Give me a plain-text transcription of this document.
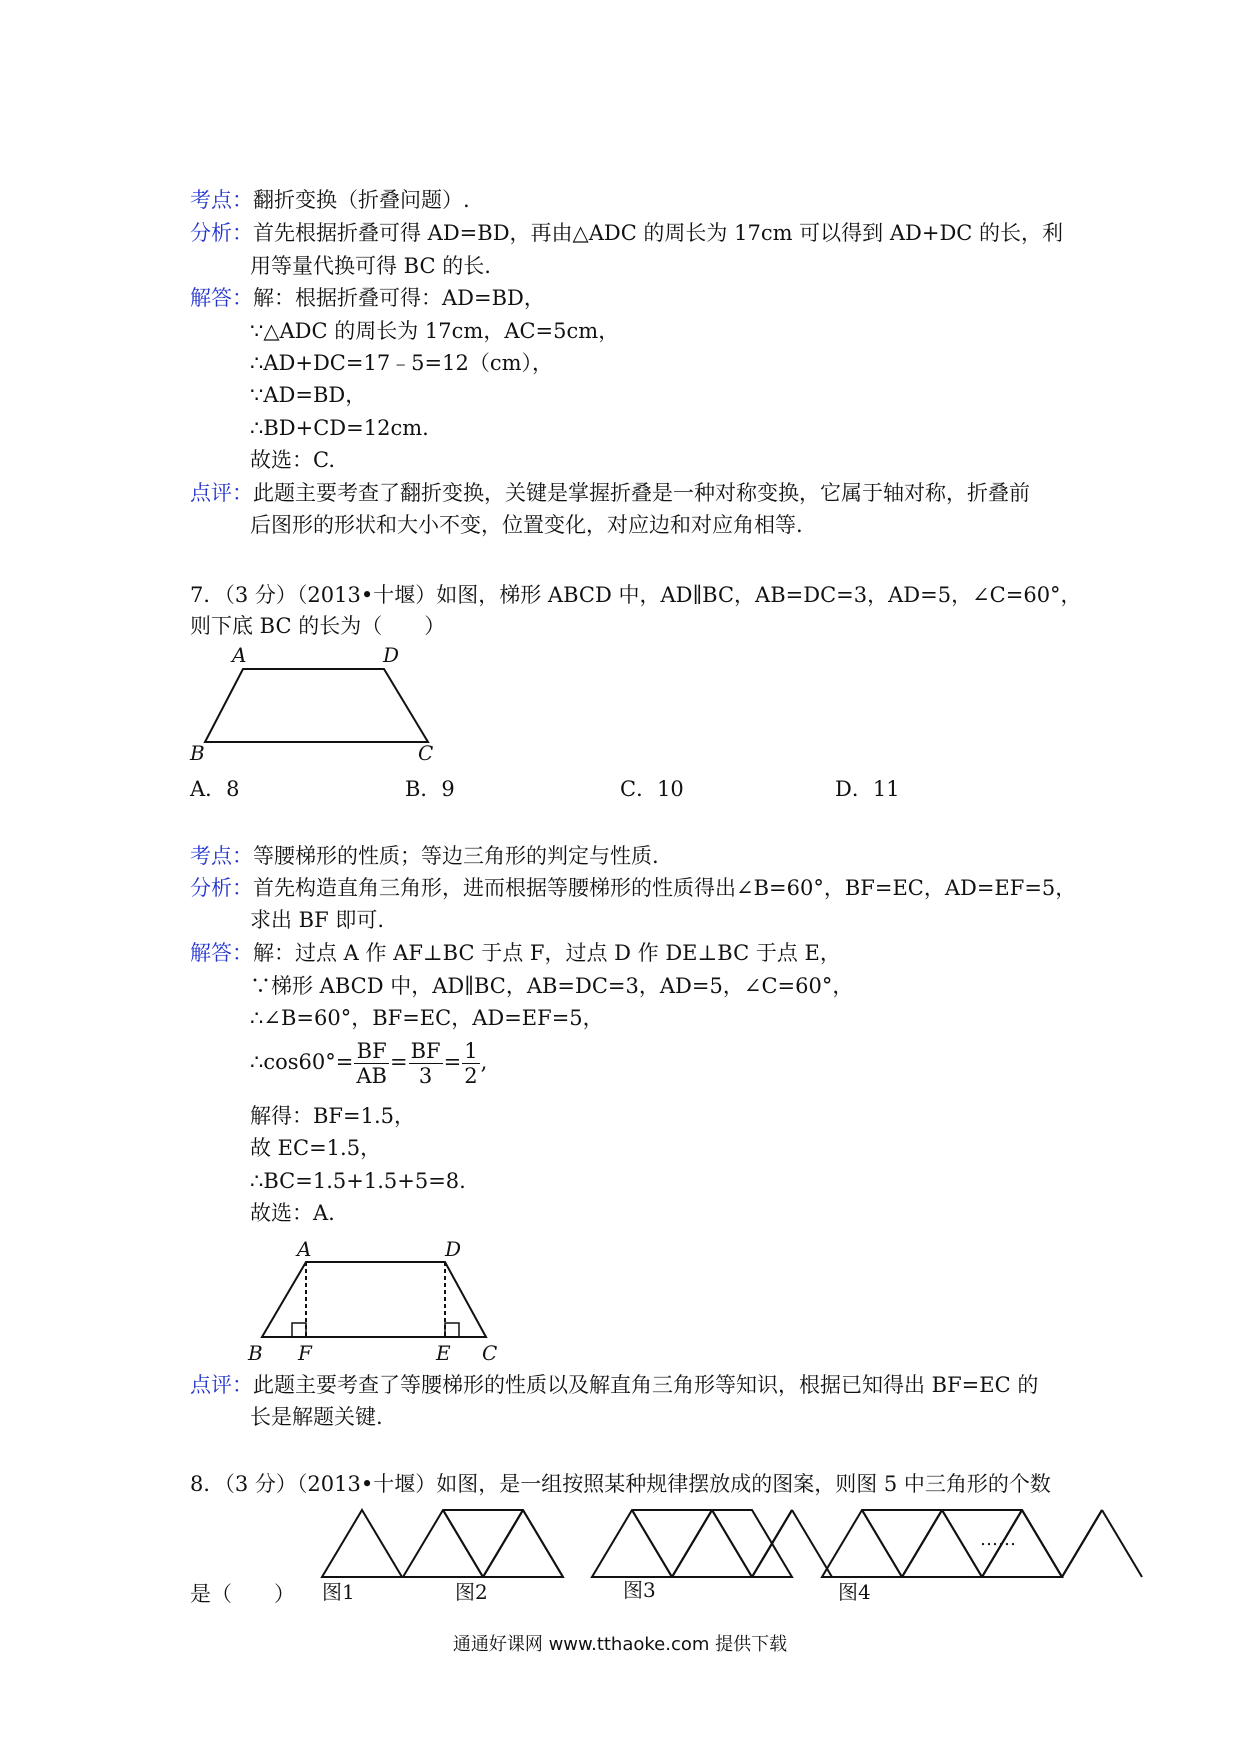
考点：翻折变换（折叠问题）.
分析：首先根据折叠可得 AD=BD，再由△ADC 的周长为 17cm 可以得到 AD+DC 的长，利
用等量代换可得 BC 的长.
解答：解：根据折叠可得：AD=BD，
∵△ADC 的周长为 17cm，AC=5cm，
∴AD+DC=17﹣5=12（cm），
∵AD=BD，
∴BD+CD=12cm.
故选：C.
点评：此题主要考查了翻折变换，关键是掌握折叠是一种对称变换，它属于轴对称，折叠前
后图形的形状和大小不变，位置变化，对应边和对应角相等.
7．（3 分）（2013•十堰）如图，梯形 ABCD 中，AD∥BC，AB=DC=3，AD=5，∠C=60°，
则下底 BC 的长为（　　）
A	D
B	C
A．8	B．9	C．10	D．11
考点：等腰梯形的性质；等边三角形的判定与性质.
分析：首先构造直角三角形，进而根据等腰梯形的性质得出∠B=60°，BF=EC，AD=EF=5，
求出 BF 即可.
解答：解：过点 A 作 AF⊥BC 于点 F，过点 D 作 DE⊥BC 于点 E，
∵梯形 ABCD 中，AD∥BC，AB=DC=3，AD=5，∠C=60°，
∴∠B=60°，BF=EC，AD=EF=5，
∴cos60°= $\frac{BF}{AB} = \frac{BF}{3} = \frac{1}{2}$ ,
解得：BF=1.5，
故 EC=1.5，
∴BC=1.5+1.5+5=8.
故选：A.
A	D
B F	E C
点评：此题主要考查了等腰梯形的性质以及解直角三角形等知识，根据已知得出 BF=EC 的
长是解题关键.
8．（3 分）（2013•十堰）如图，是一组按照某种规律摆放成的图案，则图 5 中三角形的个数
……
是（　　） 图1	图2	图3	图4
通通好课网 www.tthaoke.com 提供下载
